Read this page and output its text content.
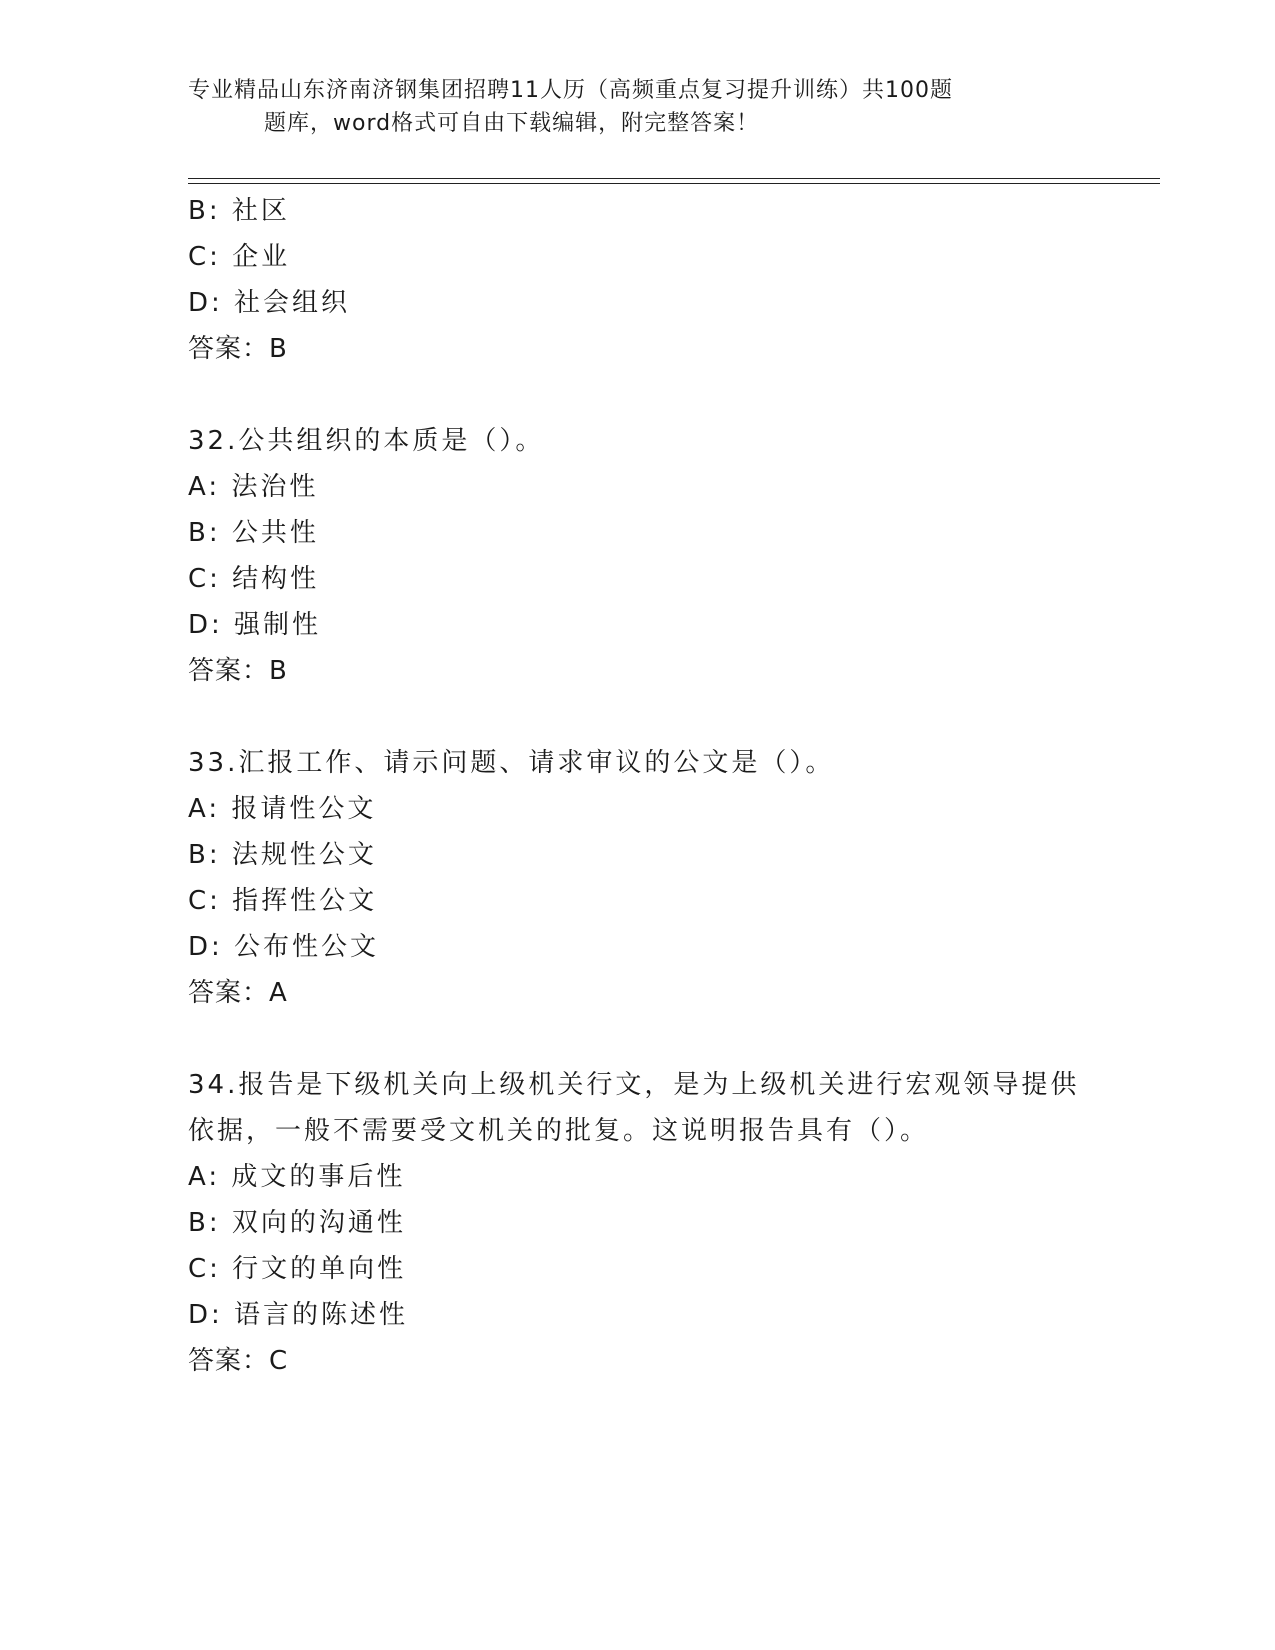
专业精品山东济南济钢集团招聘11人历（高频重点复习提升训练）共100题
题库，word格式可自由下载编辑，附完整答案！
B: 社区
C: 企业
D: 社会组织
答案：B
32.公共组织的本质是（）。
A: 法治性
B: 公共性
C: 结构性
D: 强制性
答案：B
33.汇报工作、请示问题、请求审议的公文是（）。
A: 报请性公文
B: 法规性公文
C: 指挥性公文
D: 公布性公文
答案：A
34.报告是下级机关向上级机关行文，是为上级机关进行宏观领导提供
依据，一般不需要受文机关的批复。这说明报告具有（）。
A: 成文的事后性
B: 双向的沟通性
C: 行文的单向性
D: 语言的陈述性
答案：C
